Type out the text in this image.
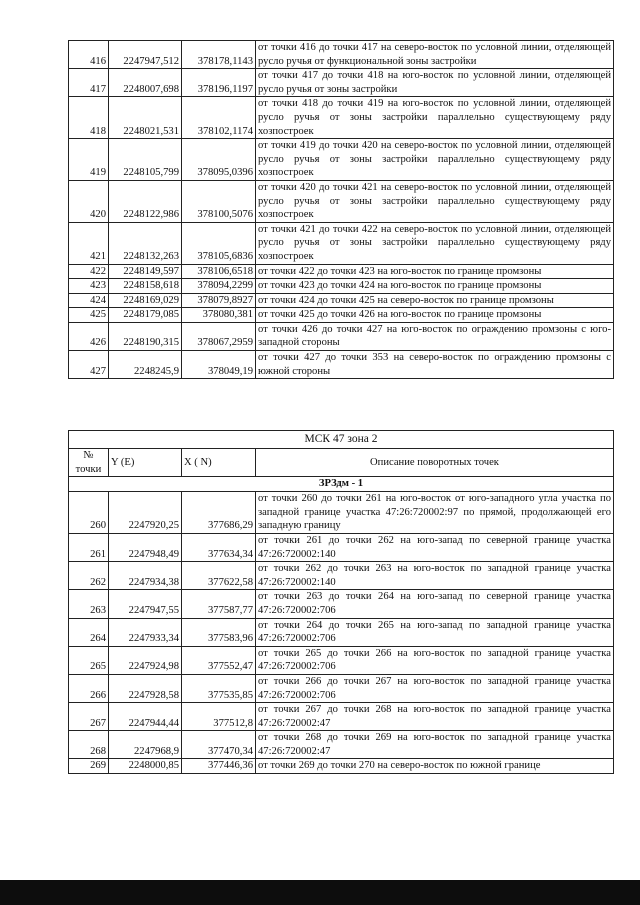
416	2247947,512	378178,1143	от точки 416 до точки 417 на северо-восток по условной линии, отделяющей русло ручья от функциональной зоны застройки
417	2248007,698	378196,1197	от точки 417 до точки 418 на юго-восток по условной линии, отделяющей русло ручья от зоны застройки
418	2248021,531	378102,1174	от точки 418 до точки 419 на юго-восток по условной линии, отделяющей русло ручья от зоны застройки параллельно существующему ряду хозпостроек
419	2248105,799	378095,0396	от точки 419 до точки 420 на северо-восток по условной линии, отделяющей русло ручья от зоны застройки параллельно существующему ряду хозпостроек
420	2248122,986	378100,5076	от точки 420 до точки 421 на северо-восток по условной линии, отделяющей русло ручья от зоны застройки параллельно существующему ряду хозпостроек
421	2248132,263	378105,6836	от точки 421 до точки 422 на северо-восток по условной линии, отделяющей русло ручья от зоны застройки параллельно существующему ряду хозпостроек
422	2248149,597	378106,6518	от точки 422 до точки 423 на юго-восток по границе промзоны
423	2248158,618	378094,2299	от точки 423 до точки 424 на юго-восток по границе промзоны
424	2248169,029	378079,8927	от точки 424 до точки 425 на северо-восток по границе промзоны
425	2248179,085	378080,381	от точки 425 до точки 426 на юго-восток по границе промзоны
426	2248190,315	378067,2959	от точки 426 до точки 427 на юго-восток по ограждению промзоны с юго-западной стороны
427	2248245,9	378049,19	от точки 427 до точки 353 на северо-восток по ограждению промзоны с южной стороны
МСК 47 зона 2			
№ точки	Y (E)	X ( N)	Описание поворотных точек
ЗРЗдм - 1			
260	2247920,25	377686,29	от точки 260 до точки 261 на юго-восток от юго-западного угла участка по западной границе участка 47:26:720002:97 по прямой, продолжающей его западную границу
261	2247948,49	377634,34	от точки 261 до точки 262 на юго-запад по северной границе участка 47:26:720002:140
262	2247934,38	377622,58	от точки 262 до точки 263 на юго-восток по западной границе участка 47:26:720002:140
263	2247947,55	377587,77	от точки 263 до точки 264 на юго-запад по северной границе участка 47:26:720002:706
264	2247933,34	377583,96	от точки 264 до точки 265 на юго-запад по западной границе участка 47:26:720002:706
265	2247924,98	377552,47	от точки 265 до точки 266 на юго-восток по западной границе участка 47:26:720002:706
266	2247928,58	377535,85	от точки 266 до точки 267 на юго-восток по западной границе участка 47:26:720002:706
267	2247944,44	377512,8	от точки 267 до точки 268 на юго-восток по западной границе участка 47:26:720002:47
268	2247968,9	377470,34	от точки 268 до точки 269 на юго-восток по западной границе участка 47:26:720002:47
269	2248000,85	377446,36	от точки 269 до точки 270 на северо-восток по южной границе
